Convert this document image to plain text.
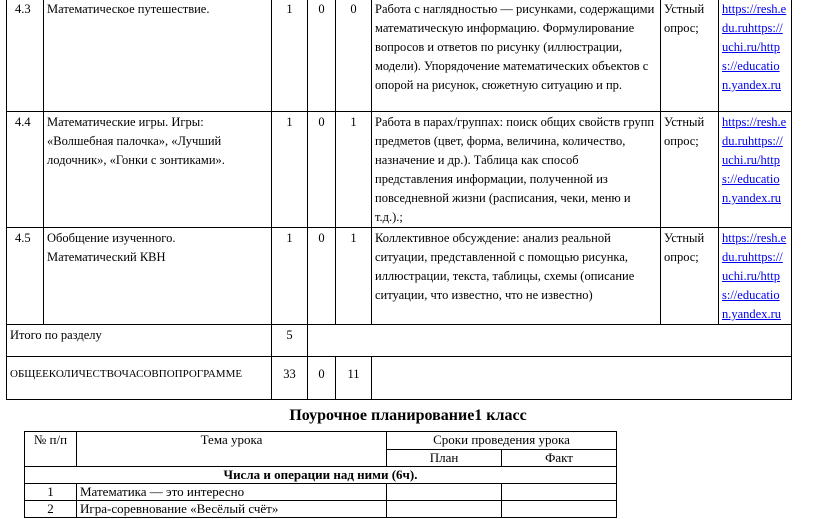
4.3	Математическое путешествие.	1	0	0	Работа с наглядностью — рисунками, содержащими математическую информацию. Формулирование вопросов и ответов по рисунку (иллюстрации, модели). Упорядочение математических объектов с опорой на рисунок, сюжетную ситуацию и пр.	Устный опрос;	https://resh.edu.ruhttps://uchi.ru/https://education.yandex.ru
4.4	Математические игры. Игры: «Волшебная палочка», «Лучший лодочник», «Гонки с зонтиками».	1	0	1	Работа в парах/группах: поиск общих свойств групп предметов (цвет, форма, величина, количество, назначение и др.). Таблица как способ представления информации, полученной из повседневной жизни (расписания, чеки, меню и т.д.).;	Устный опрос;	https://resh.edu.ruhttps://uchi.ru/https://education.yandex.ru
4.5	Обобщение изученного. Математический КВН	1	0	1	Коллективное обсуждение: анализ реальной ситуации, представленной с помощью рисунка, иллюстрации, текста, таблицы, схемы (описание ситуации, что известно, что не известно)	Устный опрос;	https://resh.edu.ruhttps://uchi.ru/https://education.yandex.ru
Итого по разделу		5					
ОБЩЕЕКОЛИЧЕСТВОЧАСОВПОПРОГРАММЕ		33	0	11			
Поурочное планирование1 класс
№ п/п	Тема урока	Сроки проведения урока	
		План	Факт
Числа и операции над ними (6ч).			
1	Математика — это интересно		
2	Игра-соревнование «Весёлый счёт»		
